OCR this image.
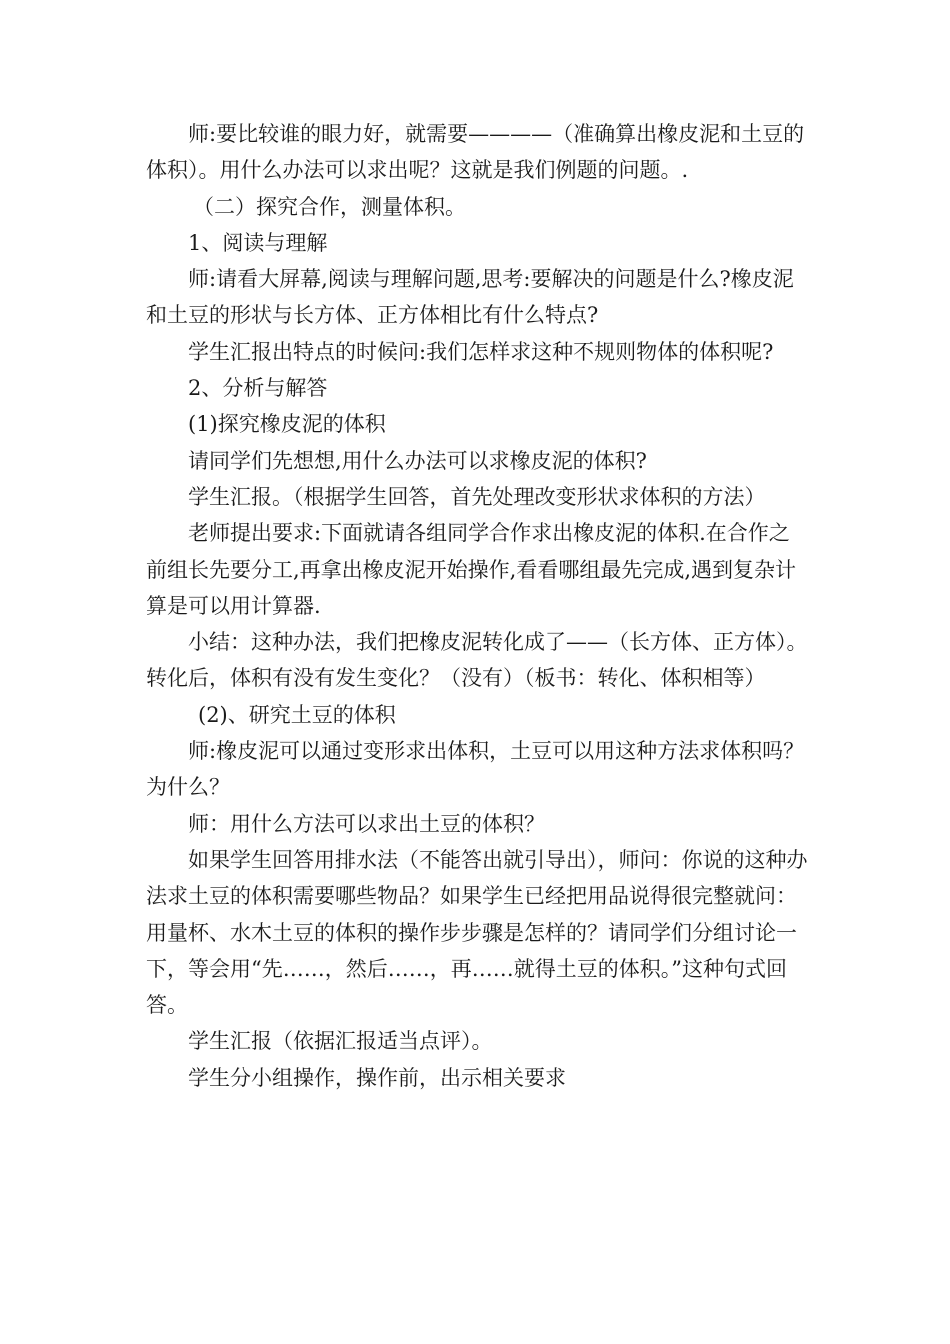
师:要比较谁的眼力好，就需要————（准确算出橡皮泥和土豆的体积）。用什么办法可以求出呢？这就是我们例题的问题。.

（二）探究合作，测量体积。

1、阅读与理解

师:请看大屏幕,阅读与理解问题,思考:要解决的问题是什么?橡皮泥和土豆的形状与长方体、正方体相比有什么特点?

学生汇报出特点的时候问:我们怎样求这种不规则物体的体积呢?

2、分析与解答

(1)探究橡皮泥的体积

请同学们先想想,用什么办法可以求橡皮泥的体积?

学生汇报。（根据学生回答，首先处理改变形状求体积的方法）

老师提出要求:下面就请各组同学合作求出橡皮泥的体积.在合作之前组长先要分工,再拿出橡皮泥开始操作,看看哪组最先完成,遇到复杂计算是可以用计算器.

小结：这种办法，我们把橡皮泥转化成了——（长方体、正方体）。转化后，体积有没有发生变化？（没有）（板书：转化、体积相等）

(2)、研究土豆的体积

师:橡皮泥可以通过变形求出体积，土豆可以用这种方法求体积吗？为什么？

师：用什么方法可以求出土豆的体积？

如果学生回答用排水法（不能答出就引导出），师问：你说的这种办法求土豆的体积需要哪些物品？如果学生已经把用品说得很完整就问：用量杯、水木土豆的体积的操作步步骤是怎样的？请同学们分组讨论一下，等会用“先……，然后……，再……就得土豆的体积。”这种句式回答。

学生汇报（依据汇报适当点评）。

学生分小组操作，操作前，出示相关要求
